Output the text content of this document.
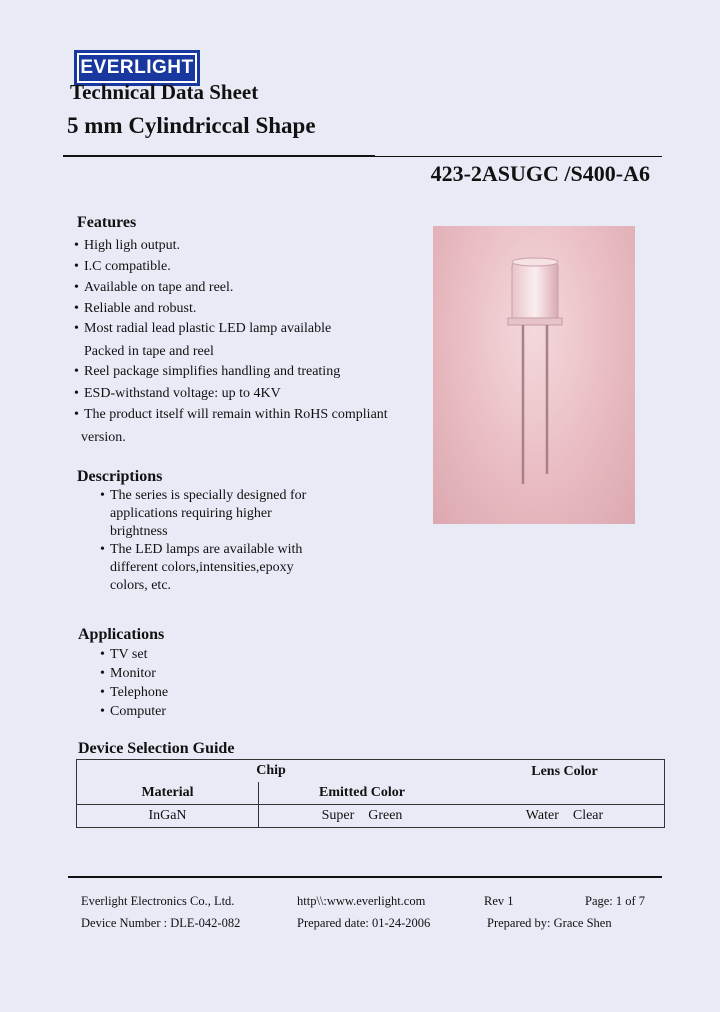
EVERLIGHT
Technical Data Sheet
5 mm Cylindriccal Shape
423-2ASUGC /S400-A6
Features
• High ligh output.
• I.C compatible.
• Available on tape and reel.
• Reliable and robust.
• Most radial lead plastic LED lamp available
Packed in tape and reel
• Reel package simplifies handling and treating
• ESD-withstand voltage: up to 4KV
• The product itself will remain within RoHS compliant
version.
Descriptions
• The series is specially designed for
applications requiring higher
brightness
• The LED lamps are available with
different colors,intensities,epoxy
colors, etc.
Applications
• TV set
• Monitor
• Telephone
• Computer
Device Selection Guide
Chip		Lens Color
Material	Emitted Color	
InGaN	Super    Green	Water    Clear
Everlight Electronics Co., Ltd.	http\\:www.everlight.com	Rev 1	Page: 1 of 7
Device Number : DLE-042-082	Prepared date: 01-24-2006	Prepared by: Grace Shen
